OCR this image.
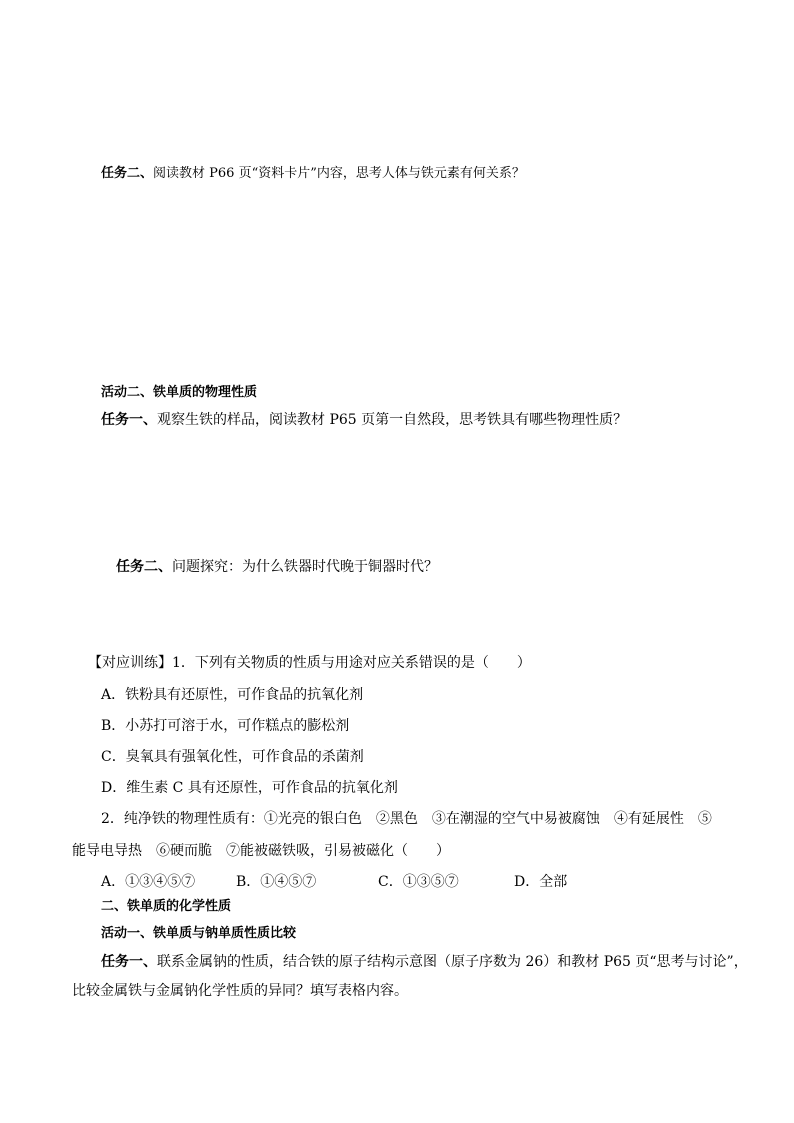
任务二、阅读教材 P66 页“资料卡片”内容，思考人体与铁元素有何关系？
活动二、铁单质的物理性质
任务一、观察生铁的样品，阅读教材 P65 页第一自然段，思考铁具有哪些物理性质？
任务二、问题探究：为什么铁器时代晚于铜器时代？
【对应训练】1．下列有关物质的性质与用途对应关系错误的是（　　）
A．铁粉具有还原性，可作食品的抗氧化剂
B．小苏打可溶于水，可作糕点的膨松剂
C．臭氧具有强氧化性，可作食品的杀菌剂
D．维生素 C 具有还原性，可作食品的抗氧化剂
2．纯净铁的物理性质有：①光亮的银白色　②黑色　③在潮湿的空气中易被腐蚀　④有延展性　⑤
能导电导热　⑥硬而脆　⑦能被磁铁吸，引易被磁化（　　）
A．①③④⑤⑦	B．①④⑤⑦	C．①③⑤⑦	D．全部
二、铁单质的化学性质
活动一、铁单质与钠单质性质比较
任务一、联系金属钠的性质，结合铁的原子结构示意图（原子序数为 26）和教材 P65 页“思考与讨论”，
比较金属铁与金属钠化学性质的异同？填写表格内容。
